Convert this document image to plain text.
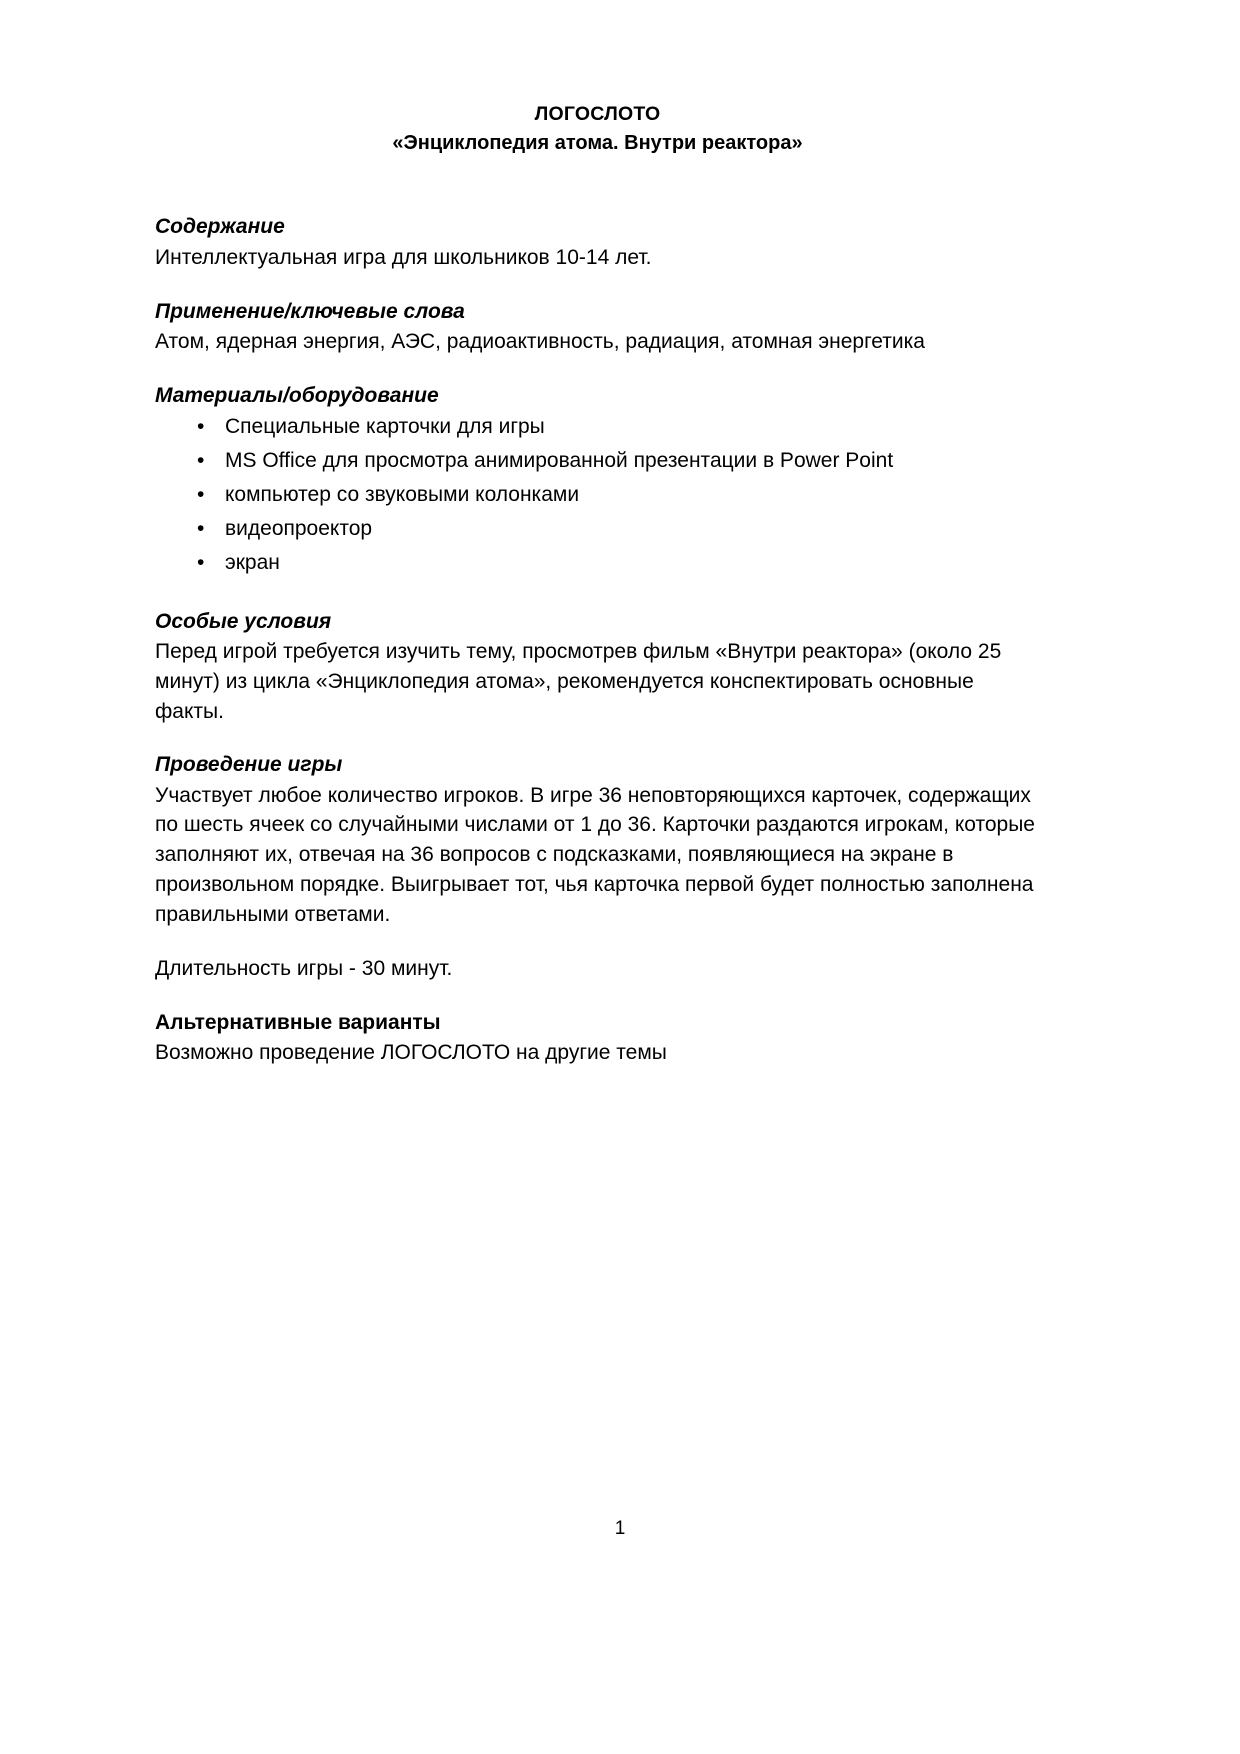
ЛОГОСЛОТО
«Энциклопедия атома. Внутри реактора»
Содержание

Интеллектуальная игра для школьников 10-14 лет.

Применение/ключевые слова

Атом, ядерная энергия, АЭС, радиоактивность, радиация, атомная энергетика

Материалы/оборудование
• Специальные карточки для игры
• MS Office для просмотра анимированной презентации в Power Point
• компьютер со звуковыми колонками
• видеопроектор
• экран
Особые условия

Перед игрой требуется изучить тему, просмотрев фильм «Внутри реактора» (около 25 минут) из цикла «Энциклопедия атома», рекомендуется конспектировать основные факты.

Проведение игры

Участвует любое количество игроков. В игре 36 неповторяющихся карточек, содержащих по шесть ячеек со случайными числами от 1 до 36. Карточки раздаются игрокам, которые заполняют их, отвечая на 36 вопросов с подсказками, появляющиеся на экране в произвольном порядке. Выигрывает тот, чья карточка первой будет полностью заполнена правильными ответами.

Длительность игры - 30 минут.

Альтернативные варианты

Возможно проведение ЛОГОСЛОТО на другие темы

1
